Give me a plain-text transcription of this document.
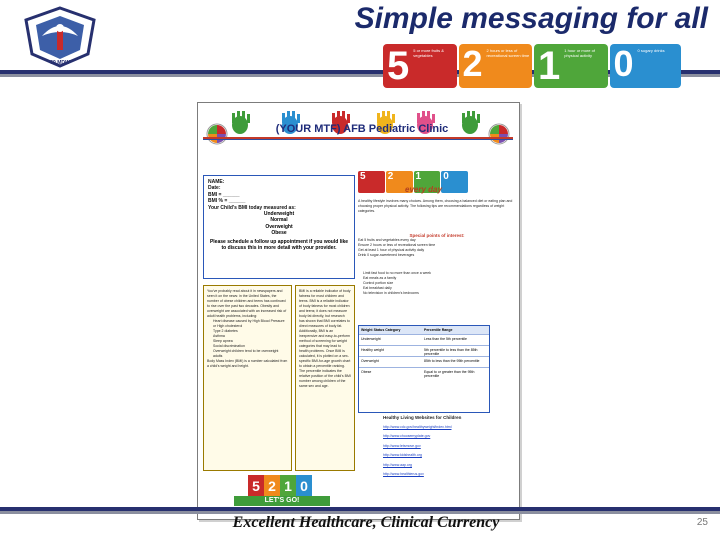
59 MDW
Simple messaging for all
5	5 or more fruits & vegetables 2	2 hours or less of recreational screen time 1	1 hour or more of physical activity 0	0 sugary drinks
(YOUR MTF) AFB Pediatric Clinic
NAME:
Date:
BMI = ______
BMI % = ______
Your Child's BMI today measured as:
Underweight
Normal
Overweight
Obese
Please schedule a follow up appointment if you would like to discuss this in more detail with your provider.
5	2	1	0
every day
A healthy lifestyle involves many choices. Among them, choosing a balanced diet or eating plan and choosing proper physical activity. The following tips are recommendations regardless of weight categories.
Special points of interest:
Eat 5 fruits and vegetables every day
Ensure 2 hours or less of recreational screen time
Get at least 1 hour of physical activity daily
Drink 0 sugar-sweetened beverages
Limit fast food to no more than once a week
Eat meals as a family
Control portion size
Eat breakfast daily
No television in children's bedrooms
You've probably read about it in newspapers and seen it on the news: in the United States, the number of obese children and teens has continued to rise over the past two decades. Obesity and overweight are associated with an increased risk of adult health problems, including:
Heart disease caused by High Blood Pressure or High cholesterol
Type 2 diabetes
Asthma
Sleep apnea
Social discrimination
Overweight children tend to be overweight adults
Body Mass Index (BMI) is a number calculated from a child's weight and height.
BMI is a reliable indicator of body fatness for most children and teens. BMI is a reliable indicator of body fatness for most children and teens; it does not measure body fat directly, but research has shown that BMI correlates to direct measures of body fat. Additionally, BMI is an inexpensive and easy-to-perform method of screening for weight categories that may lead to health problems. Once BMI is calculated, it is plotted on a sex-specific BMI-for-age growth chart to obtain a percentile ranking. The percentile indicates the relative position of the child's BMI number among children of the same sex and age.
Weight Status Category	Percentile Range
Underweight	Less than the 5th percentile
Healthy weight	5th percentile to less than the 85th percentile
Overweight	85th to less than the 95th percentile
Obese	Equal to or greater than the 95th percentile
Healthy Living Websites for Children
http://www.cdc.gov/healthyweight/index.html
http://www.choosemyplate.gov
http://www.letsmove.gov
http://www.kidshealth.org
http://www.aap.org
http://www.healthierus.gov
5 2 1 0
LET'S GO!
Excellent Healthcare, Clinical Currency	25
